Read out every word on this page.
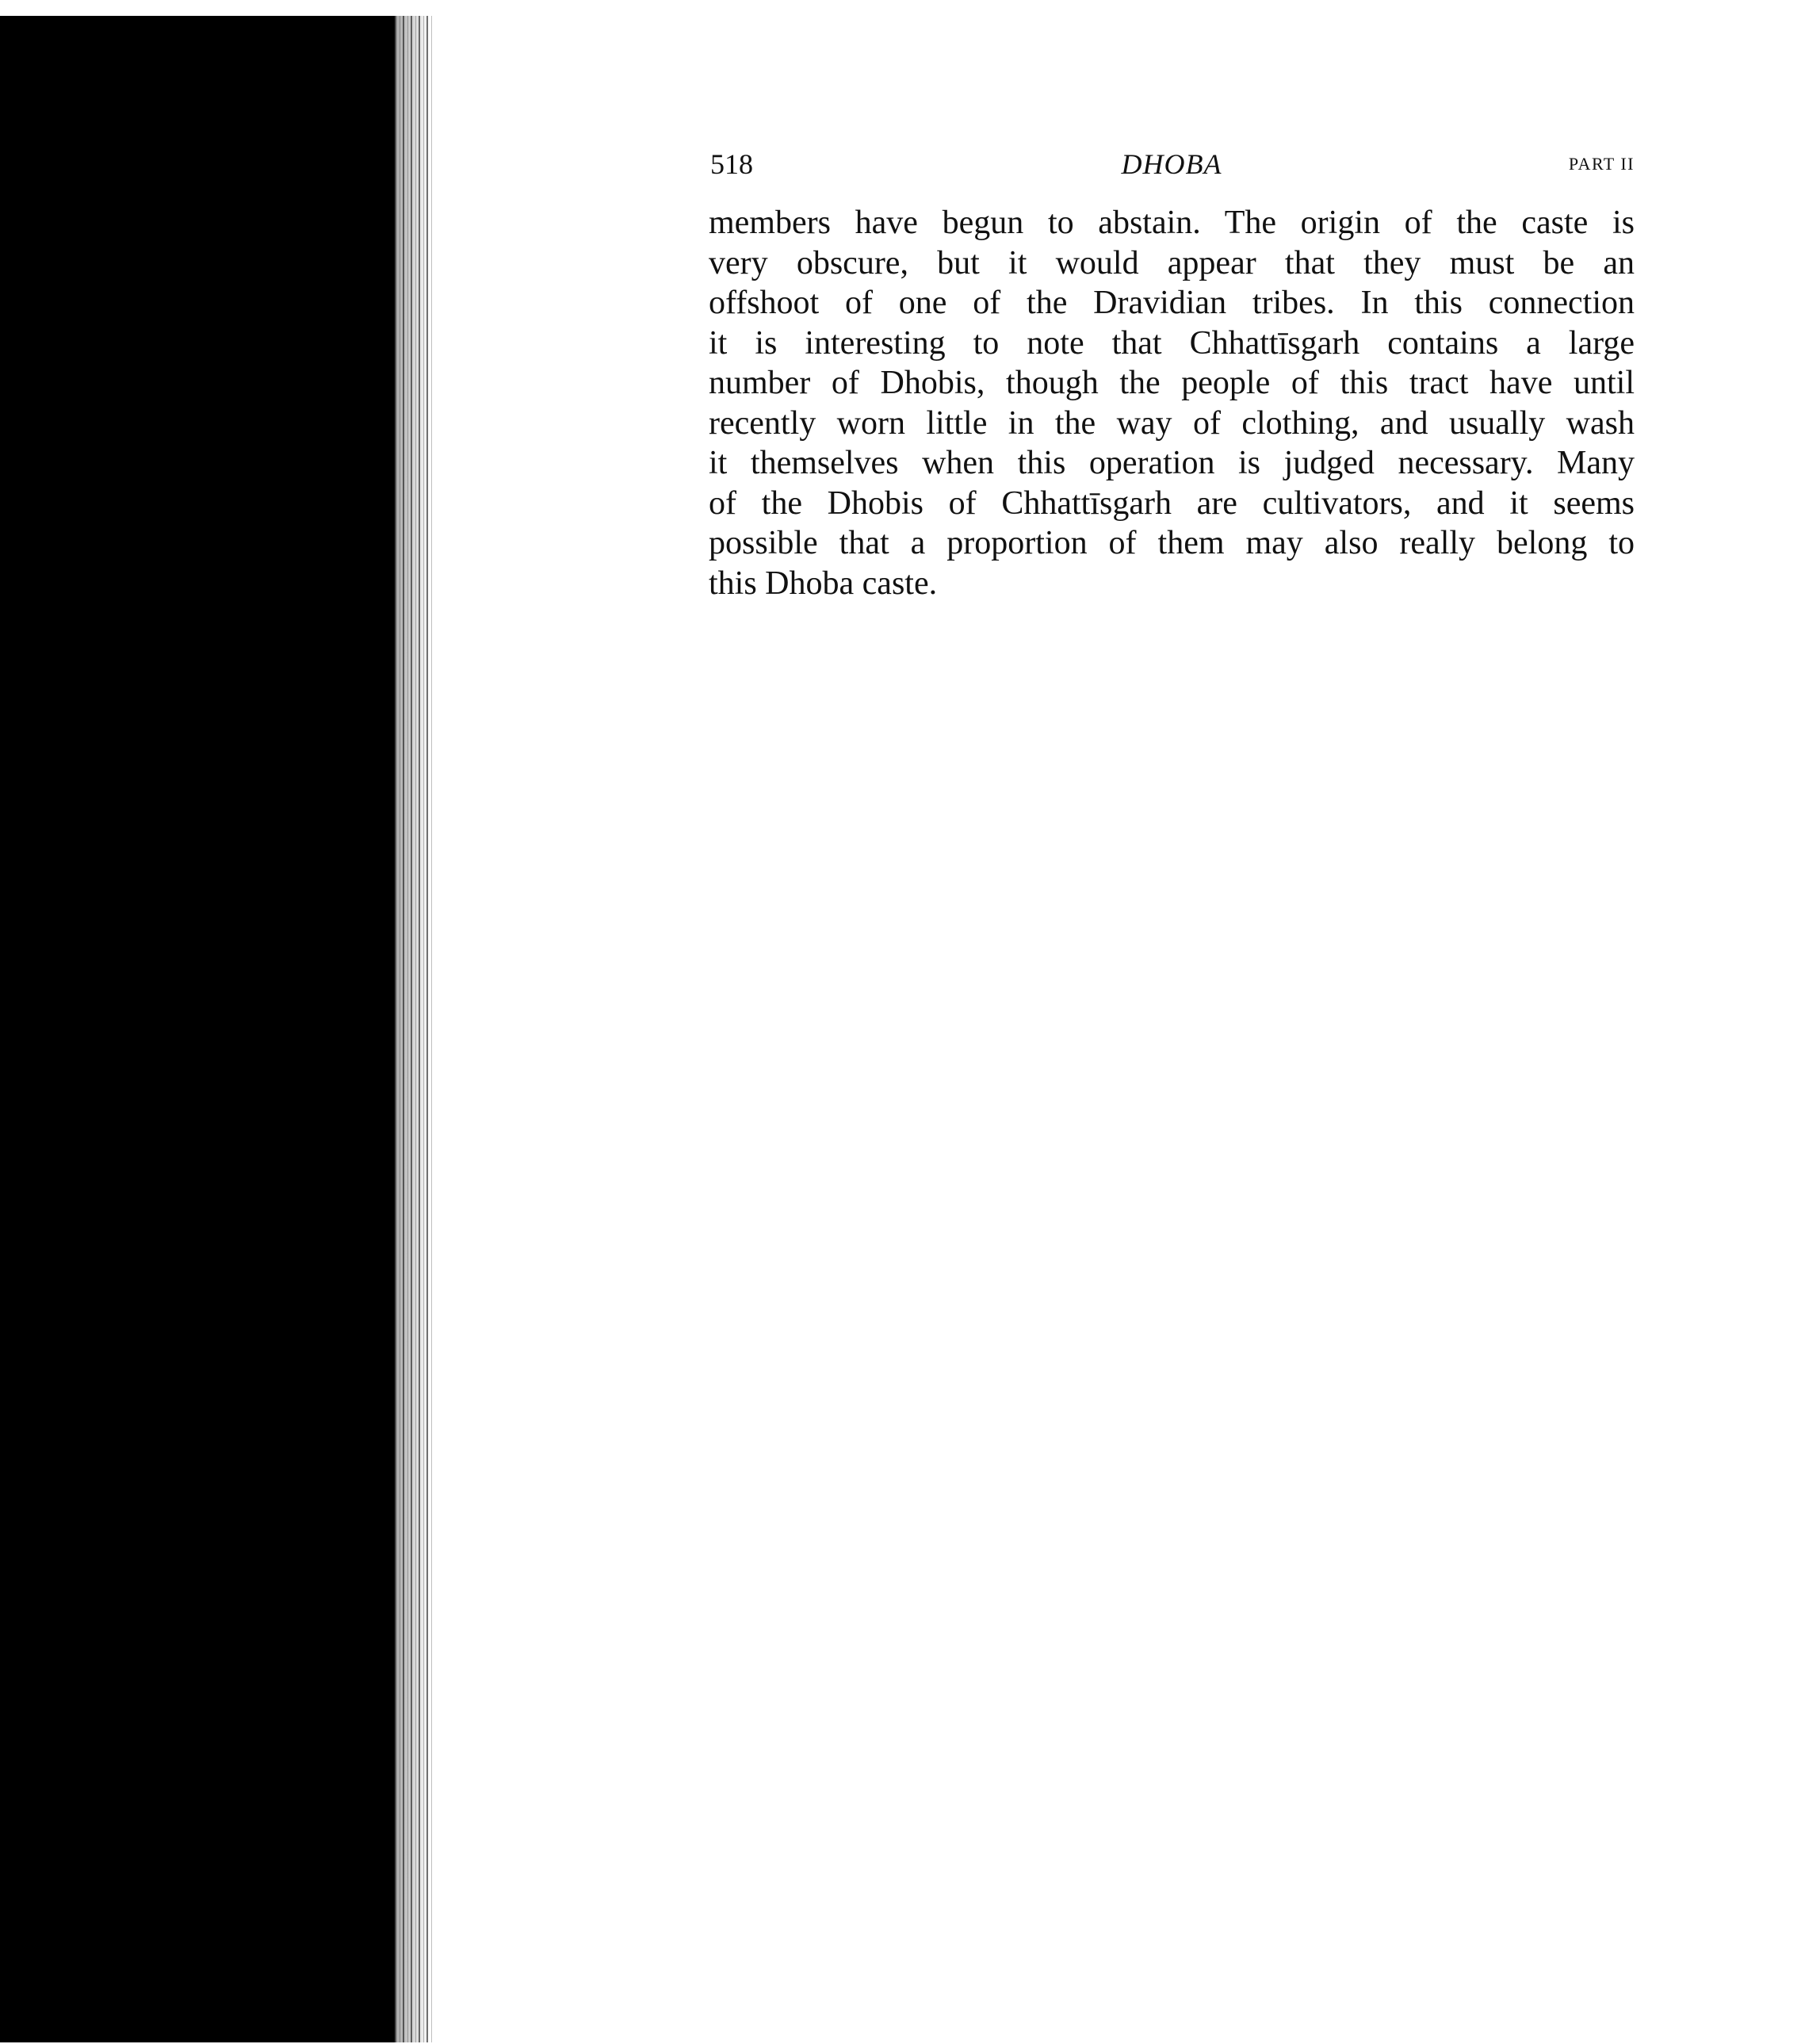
518	DHOBA	PART II
members have begun to abstain. The origin of the caste is
very obscure, but it would appear that they must be an
offshoot of one of the Dravidian tribes. In this connection
it is interesting to note that Chhattīsgarh contains a large
number of Dhobis, though the people of this tract have until
recently worn little in the way of clothing, and usually wash
it themselves when this operation is judged necessary. Many
of the Dhobis of Chhattīsgarh are cultivators, and it seems
possible that a proportion of them may also really belong to
this Dhoba caste.
